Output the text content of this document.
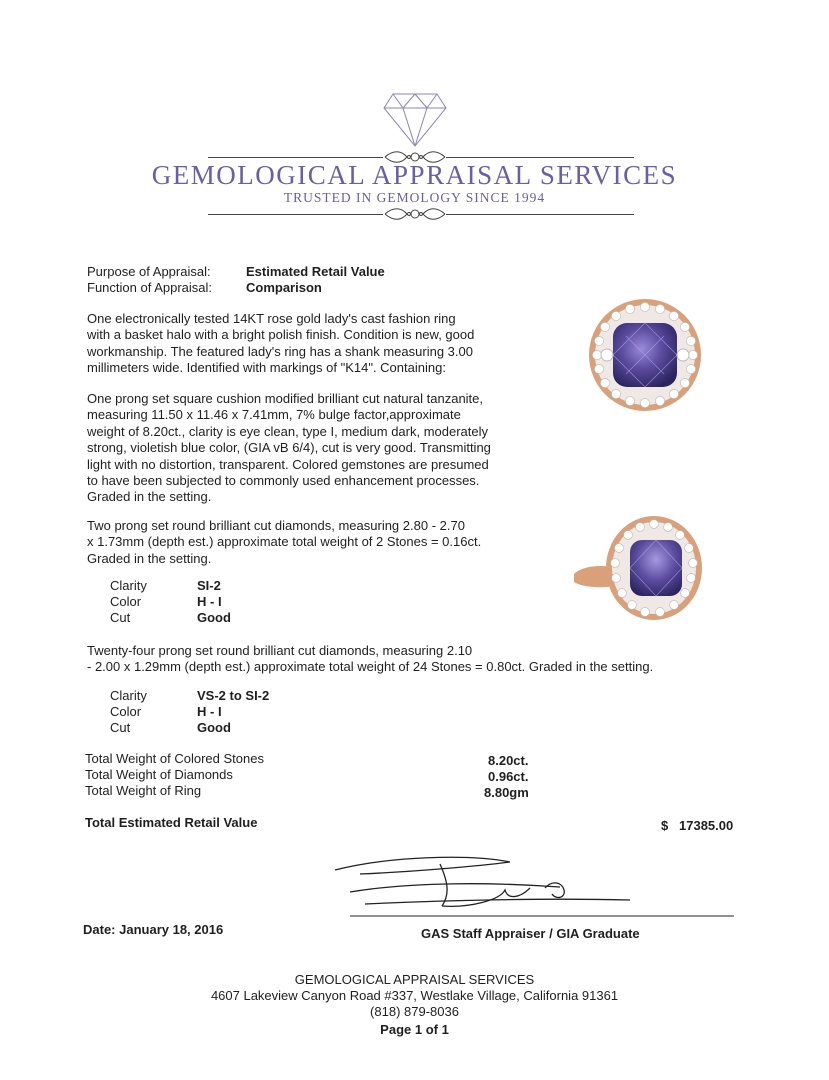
GEMOLOGICAL APPRAISAL SERVICES
TRUSTED IN GEMOLOGY SINCE 1994
Purpose of Appraisal:	Estimated Retail Value
Function of Appraisal:	Comparison
One electronically tested 14KT rose gold lady's cast fashion ring
with a basket halo with a bright polish finish. Condition is new, good
workmanship. The featured lady's ring has a shank measuring 3.00
millimeters wide. Identified with markings of "K14". Containing:
One prong set square cushion modified brilliant cut natural tanzanite,
measuring 11.50 x 11.46 x 7.41mm, 7% bulge factor,approximate
weight of 8.20ct., clarity is eye clean, type I, medium dark, moderately
strong, violetish blue color, (GIA vB 6/4), cut is very good. Transmitting
light with no distortion, transparent. Colored gemstones are presumed
to have been subjected to commonly used enhancement processes.
Graded in the setting.
Two prong set round brilliant cut diamonds, measuring 2.80 - 2.70
x 1.73mm (depth est.) approximate total weight of 2 Stones = 0.16ct.
Graded in the setting.
Clarity	SI-2
Color	H - I
Cut	Good
Twenty-four prong set round brilliant cut diamonds, measuring 2.10
- 2.00 x 1.29mm (depth est.) approximate total weight of 24 Stones = 0.80ct. Graded in the setting.
Clarity	VS-2 to SI-2
Color	H - I
Cut	Good
Total Weight of Colored Stones	8.20ct.
Total Weight of Diamonds	0.96ct.
Total Weight of Ring	8.80gm
Total Estimated Retail Value	$ 17385.00
Date: January 18, 2016	GAS Staff Appraiser / GIA Graduate
GEMOLOGICAL APPRAISAL SERVICES
4607 Lakeview Canyon Road #337, Westlake Village, California 91361
(818) 879-8036
Page 1 of 1
